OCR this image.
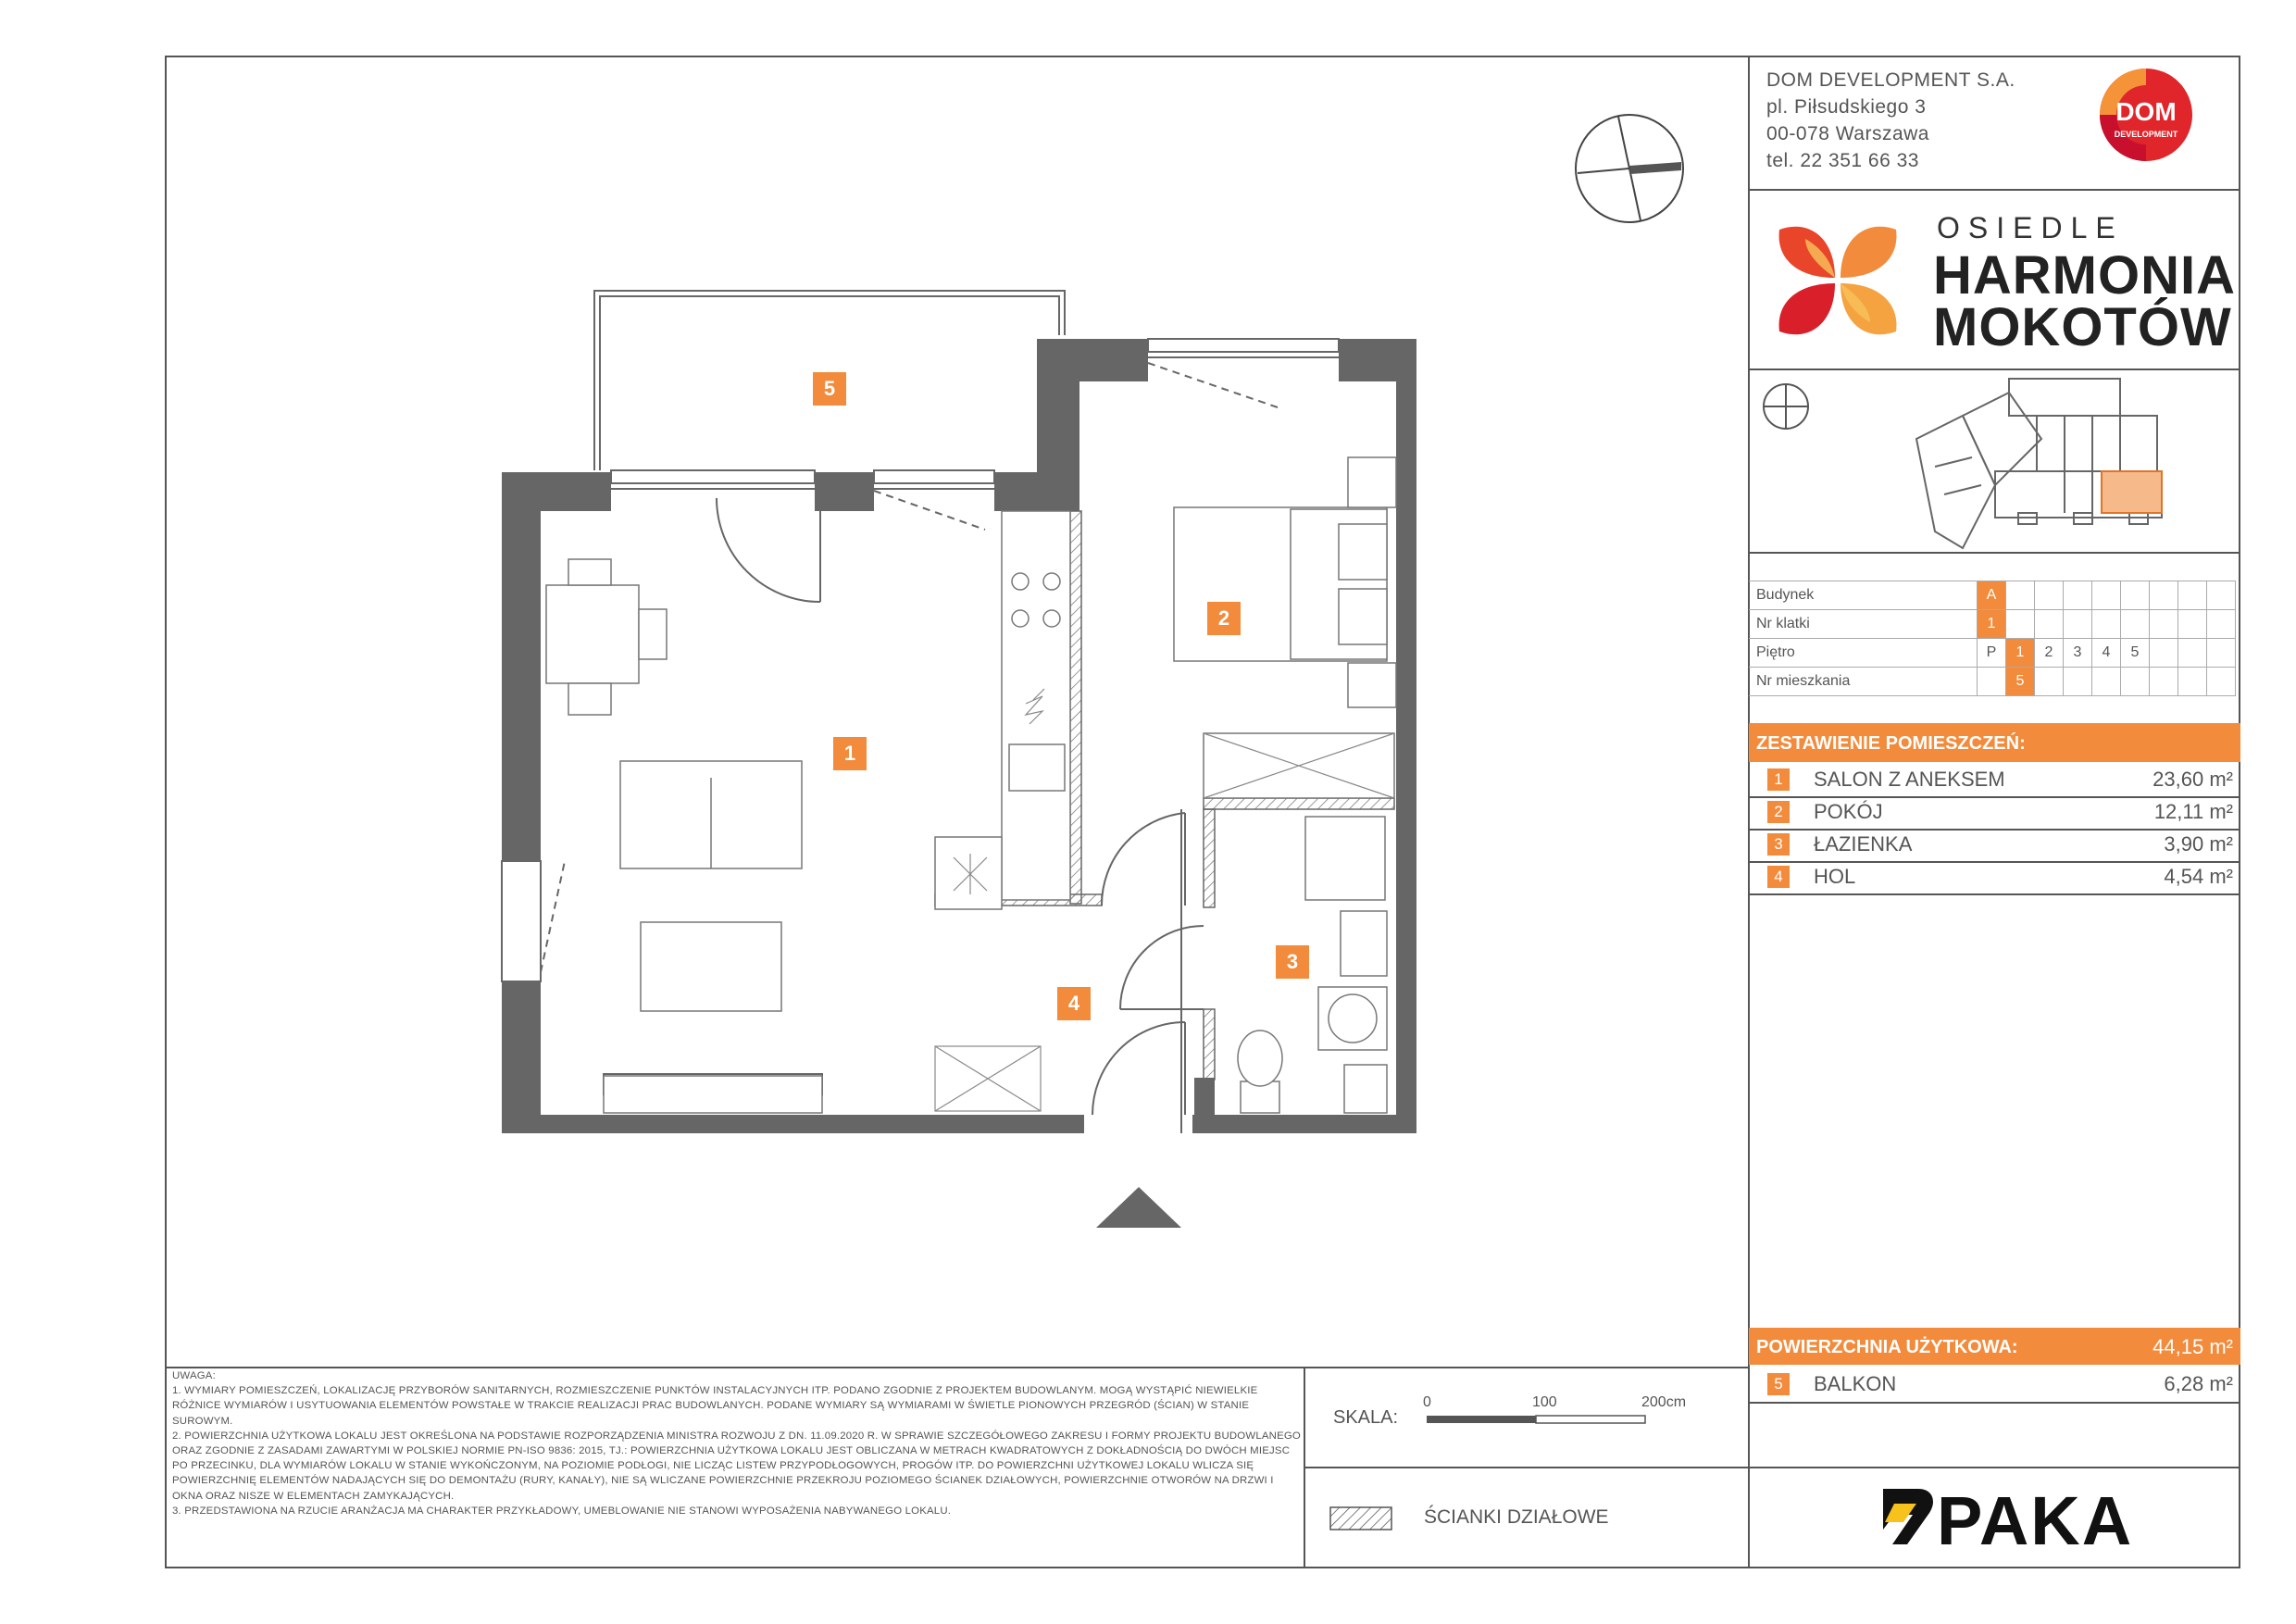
DOM DEVELOPMENT S.A.
pl. Piłsudskiego 3
00-078 Warszawa
tel. 22 351 66 33
DOM
DEVELOPMENT
OSIEDLE
HARMONIA
MOKOTÓW
Budynek	A								
Nr klatki	1								
Piętro	P	1	2	3	4	5			
Nr mieszkania		5							
ZESTAWIENIE POMIESZCZEŃ:
1	SALON Z ANEKSEM	23,60 m²
2	POKÓJ	12,11 m²
3	ŁAZIENKA	3,90 m²
4	HOL	4,54 m²
POWIERZCHNIA UŻYTKOWA:	44,15 m²
5	BALKON	6,28 m²

UWAGA:

1. WYMIARY POMIESZCZEŃ, LOKALIZACJĘ PRZYBORÓW SANITARNYCH, ROZMIESZCZENIE PUNKTÓW INSTALACYJNYCH ITP. PODANO ZGODNIE Z PROJEKTEM BUDOWLANYM. MOGĄ WYSTĄPIĆ NIEWIELKIE RÓŻNICE WYMIARÓW I USYTUOWANIA ELEMENTÓW POWSTAŁE W TRAKCIE REALIZACJI PRAC BUDOWLANYCH. PODANE WYMIARY SĄ WYMIARAMI W ŚWIETLE PIONOWYCH PRZEGRÓD (ŚCIAN) W STANIE SUROWYM.

2. POWIERZCHNIA UŻYTKOWA LOKALU JEST OKREŚLONA NA PODSTAWIE ROZPORZĄDZENIA MINISTRA ROZWOJU Z DN. 11.09.2020 R. W SPRAWIE SZCZEGÓŁOWEGO ZAKRESU I FORMY PROJEKTU BUDOWLANEGO ORAZ ZGODNIE Z ZASADAMI ZAWARTYMI W POLSKIEJ NORMIE PN-ISO 9836: 2015, TJ.: POWIERZCHNIA UŻYTKOWA LOKALU JEST OBLICZANA W METRACH KWADRATOWYCH Z DOKŁADNOŚCIĄ DO DWÓCH MIEJSC PO PRZECINKU, DLA WYMIARÓW LOKALU W STANIE WYKOŃCZONYM, NA POZIOMIE PODŁOGI, NIE LICZĄC LISTEW PRZYPODŁOGOWYCH, PROGÓW ITP. DO POWIERZCHNI UŻYTKOWEJ LOKALU WLICZA SIĘ POWIERZCHNIĘ ELEMENTÓW NADAJĄCYCH SIĘ DO DEMONTAŻU (RURY, KANAŁY), NIE SĄ WLICZANE POWIERZCHNIE PRZEKROJU POZIOMEGO ŚCIANEK DZIAŁOWYCH, POWIERZCHNIE OTWORÓW NA DRZWI I OKNA ORAZ NISZE W ELEMENTACH ZAMYKAJĄCYCH.

3. PRZEDSTAWIONA NA RZUCIE ARANŻACJA MA CHARAKTER PRZYKŁADOWY, UMEBLOWANIE NIE STANOWI WYPOSAŻENIA NABYWANEGO LOKALU.

SKALA:
0	100	200cm
ŚCIANKI DZIAŁOWE	PAKA
1
2
3
4
5
